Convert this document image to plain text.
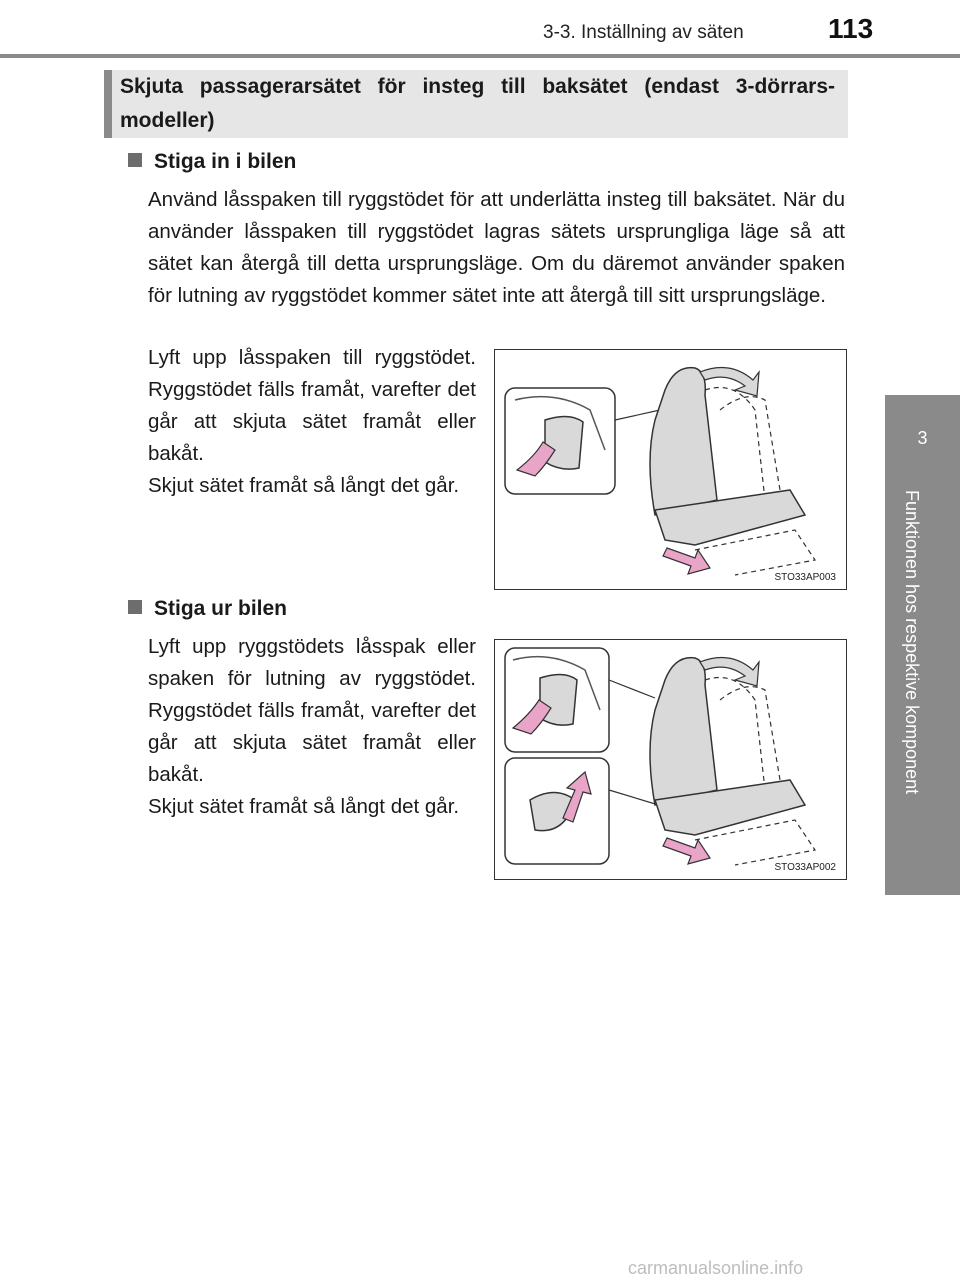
3-3. Inställning av säten	113
3
Funktionen hos respektive komponent
Skjuta passagerarsätet för insteg till baksätet (endast 3-dörrars-modeller)
Stiga in i bilen
Använd låsspaken till ryggstödet för att underlätta insteg till baksätet. När du använder låsspaken till ryggstödet lagras sätets ursprungliga läge så att sätet kan återgå till detta ursprungsläge. Om du däremot använder spaken för lutning av ryggstödet kommer sätet inte att återgå till sitt ursprungsläge.

Lyft upp låsspaken till ryggstödet. Ryggstödet fälls framåt, varefter det går att skjuta sätet framåt eller bakåt.

Skjut sätet framåt så långt det går.

STO33AP003
Stiga ur bilen

Lyft upp ryggstödets låsspak eller spaken för lutning av ryggstödet. Ryggstödet fälls framåt, varefter det går att skjuta sätet framåt eller bakåt.

Skjut sätet framåt så långt det går.

STO33AP002
carmanualsonline.info
